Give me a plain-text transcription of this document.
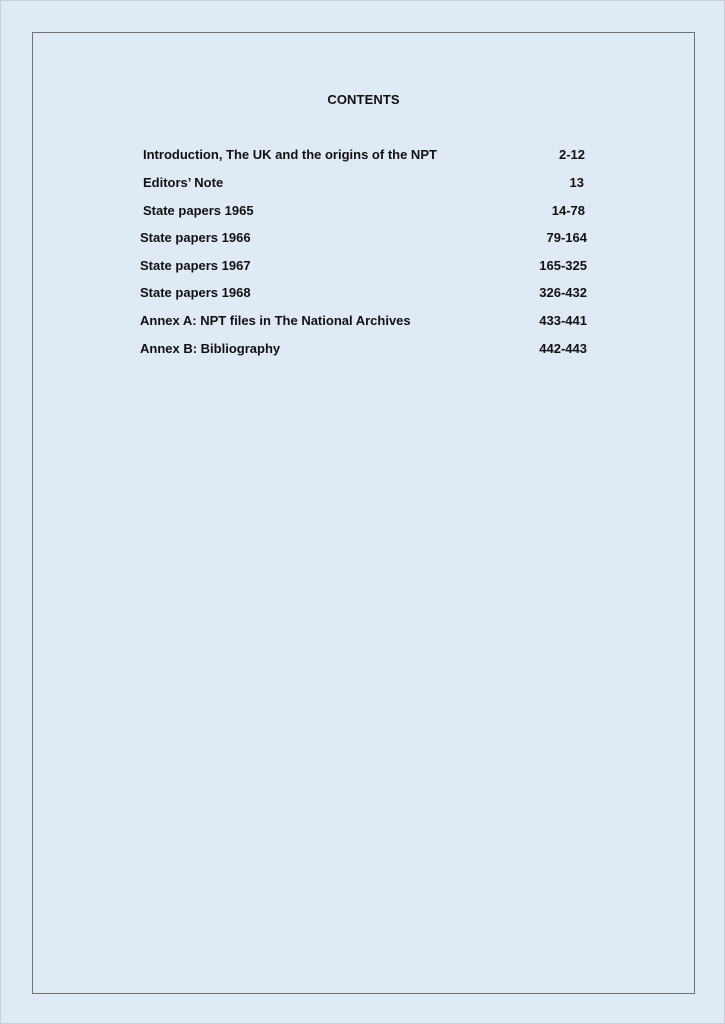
CONTENTS
Introduction, The UK and the origins of the NPT	2-12
Editors’ Note	13
State papers 1965	14-78
State papers 1966	79-164
State papers 1967	165-325
State papers 1968	326-432
Annex A: NPT files in The National Archives	433-441
Annex B: Bibliography	442-443
